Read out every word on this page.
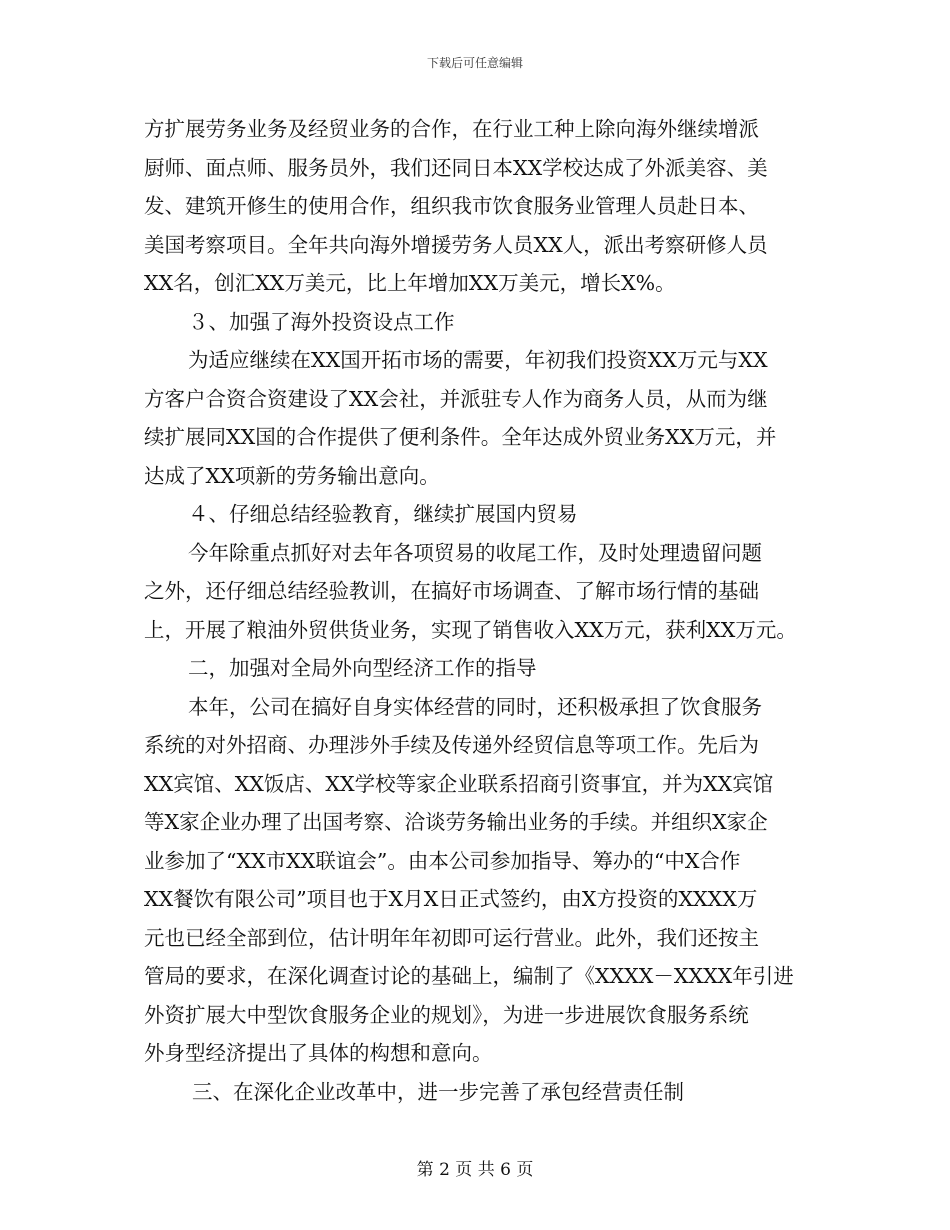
下载后可任意编辑
方扩展劳务业务及经贸业务的合作，在行业工种上除向海外继续增派
厨师、面点师、服务员外，我们还同日本XX学校达成了外派美容、美
发、建筑开修生的使用合作，组织我市饮食服务业管理人员赴日本、
美国考察项目。全年共向海外增援劳务人员XX人，派出考察研修人员
XX名，创汇XX万美元，比上年增加XX万美元，增长X%。
３、加强了海外投资设点工作
为适应继续在XX国开拓市场的需要，年初我们投资XX万元与XX
方客户合资合资建设了XX会社，并派驻专人作为商务人员，从而为继
续扩展同XX国的合作提供了便利条件。全年达成外贸业务XX万元，并
达成了XX项新的劳务输出意向。
４、仔细总结经验教育，继续扩展国内贸易
今年除重点抓好对去年各项贸易的收尾工作，及时处理遗留问题
之外，还仔细总结经验教训，在搞好市场调查、了解市场行情的基础
上，开展了粮油外贸供货业务，实现了销售收入XX万元，获利XX万元。
二，加强对全局外向型经济工作的指导
本年，公司在搞好自身实体经营的同时，还积极承担了饮食服务
系统的对外招商、办理涉外手续及传递外经贸信息等项工作。先后为
XX宾馆、XX饭店、XX学校等家企业联系招商引资事宜，并为XX宾馆
等X家企业办理了出国考察、洽谈劳务输出业务的手续。并组织X家企
业参加了“XX市XX联谊会”。由本公司参加指导、筹办的“中X合作
XX餐饮有限公司”项目也于X月X日正式签约，由X方投资的XXXX万
元也已经全部到位，估计明年年初即可运行营业。此外，我们还按主
管局的要求，在深化调查讨论的基础上，编制了《XXXX－XXXX年引进
外资扩展大中型饮食服务企业的规划》，为进一步进展饮食服务系统
外身型经济提出了具体的构想和意向。
三、在深化企业改革中，进一步完善了承包经营责任制
第 2 页 共 6 页
